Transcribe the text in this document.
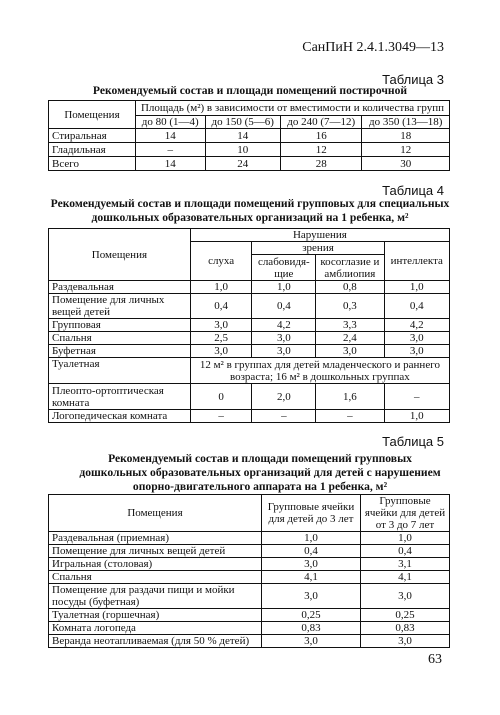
СанПиН 2.4.1.3049—13
Таблица 3
Рекомендуемый состав и площади помещений постирочной
Помещения	Площадь (м²) в зависимости от вместимости и количества групп			
	до 80 (1—4)	до 150 (5—6)	до 240 (7—12)	до 350 (13—18)
Стиральная	14	14	16	18
Гладильная	–	10	12	12
Всего	14	24	28	30
Таблица 4
Рекомендуемый состав и площади помещений групповых для специальных
дошкольных образовательных организаций на 1 ребенка, м²
Помещения	Нарушения			
	слуха	зрения		интеллекта
		слабовидя-щие	косоглазие и амблиопия	
Раздевальная	1,0	1,0	0,8	1,0
Помещение для личных вещей детей	0,4	0,4	0,3	0,4
Групповая	3,0	4,2	3,3	4,2
Спальня	2,5	3,0	2,4	3,0
Буфетная	3,0	3,0	3,0	3,0
Туалетная	12 м² в группах для детей младенческого и раннего возраста; 16 м² в дошкольных группах			
Плеопто-ортоптическая комната	0	2,0	1,6	–
Логопедическая комната	–	–	–	1,0
Таблица 5
Рекомендуемый состав и площади помещений групповых
дошкольных образовательных организаций для детей с нарушением
опорно-двигательного аппарата на 1 ребенка, м²
Помещения	Групповые ячейки для детей до 3 лет	Групповые ячейки для детей от 3 до 7 лет
Раздевальная (приемная)	1,0	1,0
Помещение для личных вещей детей	0,4	0,4
Игральная (столовая)	3,0	3,1
Спальня	4,1	4,1
Помещение для раздачи пищи и мойки посуды (буфетная)	3,0	3,0
Туалетная (горшечная)	0,25	0,25
Комната логопеда	0,83	0,83
Веранда неотапливаемая (для 50 % детей)	3,0	3,0
63
